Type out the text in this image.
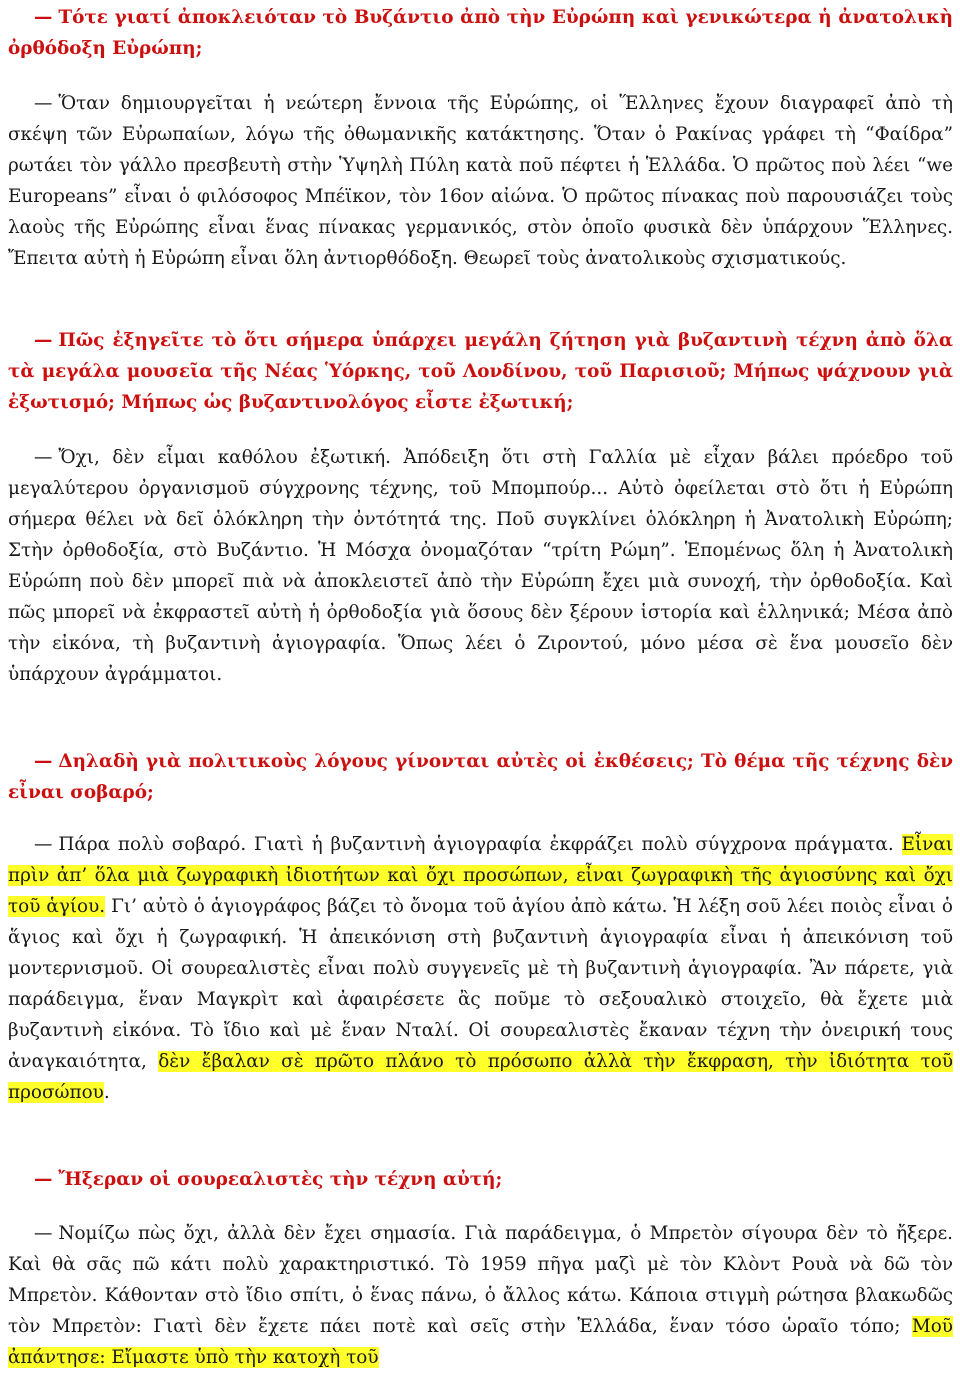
— Τότε γιατί ἀποκλειόταν τὸ Βυζάντιο ἀπὸ τὴν Εὐρώπη καὶ γενικώτερα ἡ ἀνατολικὴ ὀρθόδοξη Εὐρώπη;

— Ὅταν δημιουργεῖται ἡ νεώτερη ἔννοια τῆς Εὐρώπης, οἱ Ἕλληνες ἔχουν διαγραφεῖ ἀπὸ τὴ σκέψη τῶν Εὐρωπαίων, λόγω τῆς ὀθωμανικῆς κατάκτησης. Ὅταν ὁ Ρακίνας γράφει τὴ “Φαίδρα” ρωτάει τὸν γάλλο πρεσβευτὴ στὴν Ὑψηλὴ Πύλη κατὰ ποῦ πέφτει ἡ Ἑλλάδα. Ὁ πρῶτος ποὺ λέει “we Europeans” εἶναι ὁ φιλόσοφος Μπέϊκον, τὸν 16ον αἰώνα. Ὁ πρῶτος πίνακας ποὺ παρουσιάζει τοὺς λαοὺς τῆς Εὐρώπης εἶναι ἕνας πίνακας γερμανικός, στὸν ὁποῖο φυσικὰ δὲν ὑπάρχουν Ἕλληνες. Ἔπειτα αὐτὴ ἡ Εὐρώπη εἶναι ὅλη ἀντιορθόδοξη. Θεωρεῖ τοὺς ἀνατολικοὺς σχισματικούς.

— Πῶς ἐξηγεῖτε τὸ ὅτι σήμερα ὑπάρχει μεγάλη ζήτηση γιὰ βυζαντινὴ τέχνη ἀπὸ ὅλα τὰ μεγάλα μουσεῖα τῆς Νέας Ὑόρκης, τοῦ Λονδίνου, τοῦ Παρισιοῦ; Μήπως ψάχνουν γιὰ ἐξωτισμό; Μήπως ὡς βυζαντινολόγος εἶστε ἐξωτική;

— Ὄχι, δὲν εἶμαι καθόλου ἐξωτική. Ἀπόδειξη ὅτι στὴ Γαλλία μὲ εἶχαν βάλει πρόεδρο τοῦ μεγαλύτερου ὀργανισμοῦ σύγχρονης τέχνης, τοῦ Μπομπούρ... Αὐτὸ ὀφείλεται στὸ ὅτι ἡ Εὐρώπη σήμερα θέλει νὰ δεῖ ὁλόκληρη τὴν ὀντότητά της. Ποῦ συγκλίνει ὁλόκληρη ἡ Ἀνατολικὴ Εὐρώπη; Στὴν ὀρθοδοξία, στὸ Βυζάντιο. Ἡ Μόσχα ὀνομαζόταν “τρίτη Ρώμη”. Ἑπομένως ὅλη ἡ Ἀνατολικὴ Εὐρώπη ποὺ δὲν μπορεῖ πιὰ νὰ ἀποκλειστεῖ ἀπὸ τὴν Εὐρώπη ἔχει μιὰ συνοχή, τὴν ὀρθοδοξία. Καὶ πῶς μπορεῖ νὰ ἐκφραστεῖ αὐτὴ ἡ ὀρθοδοξία γιὰ ὅσους δὲν ξέρουν ἱστορία καὶ ἑλληνικά; Μέσα ἀπὸ τὴν εἰκόνα, τὴ βυζαντινὴ ἁγιογραφία. Ὅπως λέει ὁ Ζιροντού, μόνο μέσα σὲ ἕνα μουσεῖο δὲν ὑπάρχουν ἀγράμματοι.

— Δηλαδὴ γιὰ πολιτικοὺς λόγους γίνονται αὐτὲς οἱ ἐκθέσεις; Τὸ θέμα τῆς τέχνης δὲν εἶναι σοβαρό;

— Πάρα πολὺ σοβαρό. Γιατὶ ἡ βυζαντινὴ ἁγιογραφία ἐκφράζει πολὺ σύγχρονα πράγματα. Εἶναι πρὶν ἀπ’ ὅλα μιὰ ζωγραφικὴ ἰδιοτήτων καὶ ὄχι προσώπων, εἶναι ζωγραφικὴ τῆς ἁγιοσύνης καὶ ὄχι τοῦ ἁγίου. Γι’ αὐτὸ ὁ ἁγιογράφος βάζει τὸ ὄνομα τοῦ ἁγίου ἀπὸ κάτω. Ἡ λέξη σοῦ λέει ποιὸς εἶναι ὁ ἅγιος καὶ ὄχι ἡ ζωγραφική. Ἡ ἀπεικόνιση στὴ βυζαντινὴ ἁγιογραφία εἶναι ἡ ἀπεικόνιση τοῦ μοντερνισμοῦ. Οἱ σουρεαλιστὲς εἶναι πολὺ συγγενεῖς μὲ τὴ βυζαντινὴ ἁγιογραφία. Ἂν πάρετε, γιὰ παράδειγμα, ἕναν Μαγκρὶτ καὶ ἀφαιρέσετε ἂς ποῦμε τὸ σεξουαλικὸ στοιχεῖο, θὰ ἔχετε μιὰ βυζαντινὴ εἰκόνα. Τὸ ἴδιο καὶ μὲ ἕναν Νταλί. Οἱ σουρεαλιστὲς ἔκαναν τέχνη τὴν ὀνειρική τους ἀναγκαιότητα, δὲν ἔβαλαν σὲ πρῶτο πλάνο τὸ πρόσωπο ἀλλὰ τὴν ἔκφραση, τὴν ἰδιότητα τοῦ προσώπου.

— Ἤξεραν οἱ σουρεαλιστὲς τὴν τέχνη αὐτή;

— Νομίζω πὼς ὄχι, ἀλλὰ δὲν ἔχει σημασία. Γιὰ παράδειγμα, ὁ Μπρετὸν σίγουρα δὲν τὸ ἤξερε. Καὶ θὰ σᾶς πῶ κάτι πολὺ χαρακτηριστικό. Τὸ 1959 πῆγα μαζὶ μὲ τὸν Κλὸντ Ρουὰ νὰ δῶ τὸν Μπρετὸν. Κάθονταν στὸ ἴδιο σπίτι, ὁ ἕνας πάνω, ὁ ἄλλος κάτω. Κάποια στιγμὴ ρώτησα βλακωδῶς τὸν Μπρετὸν: Γιατὶ δὲν ἔχετε πάει ποτὲ καὶ σεῖς στὴν Ἑλλάδα, ἕναν τόσο ὡραῖο τόπο; Μοῦ ἀπάντησε: Εἴμαστε ὑπὸ τὴν κατοχὴ τοῦ
